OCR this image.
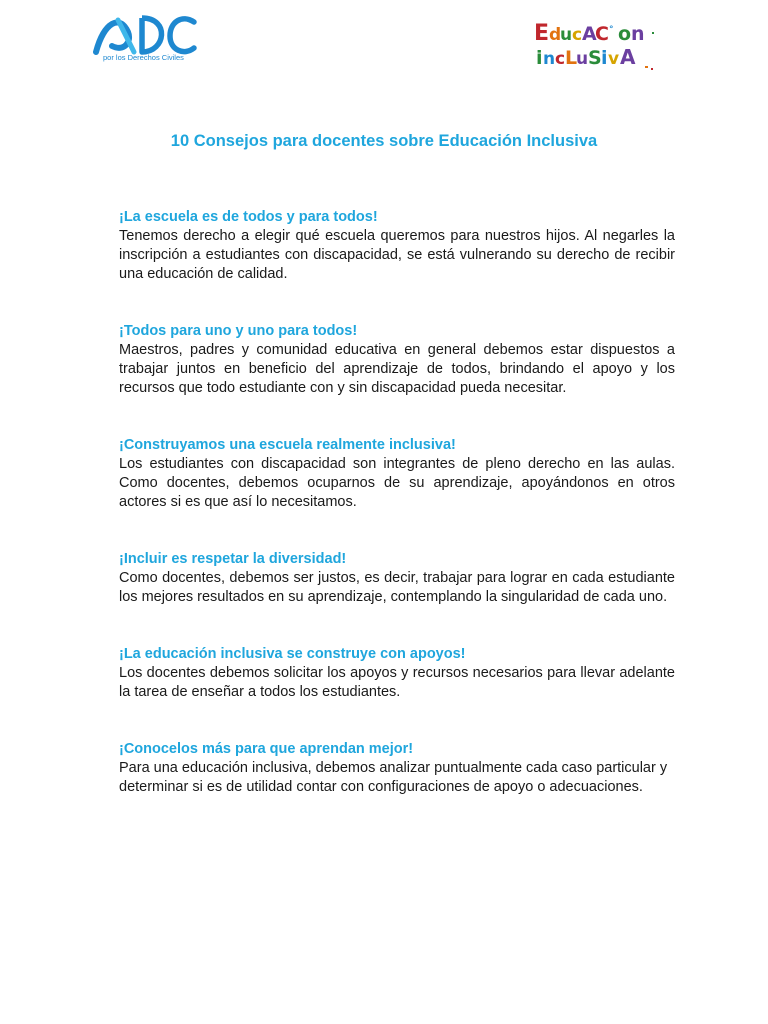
por los Derechos Civiles
E d
u c A
C ° o n
i n c L
u S i v A
10 Consejos para docentes sobre Educación Inclusiva

¡La escuela es de todos y para todos!

Tenemos derecho a elegir qué escuela queremos para nuestros hijos. Al negarles la inscripción a estudiantes con discapacidad, se está vulnerando su derecho de recibir una educación de calidad.

¡Todos para uno y uno para todos!

Maestros, padres y comunidad educativa en general debemos estar dispuestos a trabajar juntos en beneficio del aprendizaje de todos, brindando el apoyo y los recursos que todo estudiante con y sin discapacidad pueda necesitar.

¡Construyamos una escuela realmente inclusiva!

Los estudiantes con discapacidad son integrantes de pleno derecho en las aulas. Como docentes, debemos ocuparnos de su aprendizaje, apoyándonos en otros actores si es que así lo necesitamos.

¡Incluir es respetar la diversidad!

Como docentes, debemos ser justos, es decir, trabajar para lograr en cada estudiante los mejores resultados en su aprendizaje, contemplando la singularidad de cada uno.

¡La educación inclusiva se construye con apoyos!

Los docentes debemos solicitar los apoyos y recursos necesarios para llevar adelante la tarea de enseñar a todos los estudiantes.

¡Conocelos más para que aprendan mejor!

Para una educación inclusiva, debemos analizar puntualmente cada caso particular y determinar si es de utilidad contar con configuraciones de apoyo o adecuaciones.
